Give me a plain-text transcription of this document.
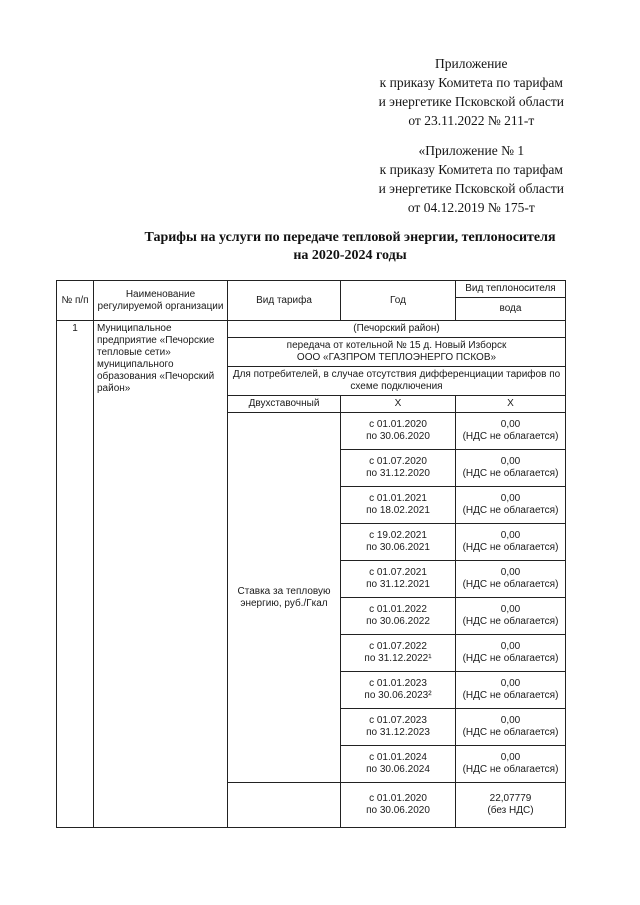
Приложение
к приказу Комитета по тарифам
и энергетике Псковской области
от 23.11.2022 № 211-т
«Приложение № 1
к приказу Комитета по тарифам
и энергетике Псковской области
от 04.12.2019 № 175-т
Тарифы на услуги по передаче тепловой энергии, теплоносителя
на 2020-2024 годы
№ п/п	Наименование регулируемой организации	Вид тарифа	Год	Вид теплоносителя
				вода
1	Муниципальное предприятие «Печорские тепловые сети» муниципального образования «Печорский район»	(Печорский район)		

		передача от котельной № 15 д. Новый Изборск
ООО «ГАЗПРОМ ТЕПЛОЭНЕРГО ПСКОВ»		

		Для потребителей, в случае отсутствия дифференциации тарифов по схеме подключения		
		Двухставочный	Х	Х
		Ставка за тепловую энергию, руб./Гкал	с 01.01.2020
по 30.06.2020	0,00
(НДС не облагается)

			с 01.07.2020
по 31.12.2020	0,00
(НДС не облагается)

			с 01.01.2021
по 18.02.2021	0,00
(НДС не облагается)

			с 19.02.2021
по 30.06.2021	0,00
(НДС не облагается)

			с 01.07.2021
по 31.12.2021	0,00
(НДС не облагается)

			с 01.01.2022
по 30.06.2022	0,00
(НДС не облагается)

			с 01.07.2022
по 31.12.2022¹	0,00
(НДС не облагается)

			с 01.01.2023
по 30.06.2023²	0,00
(НДС не облагается)

			с 01.07.2023
по 31.12.2023	0,00
(НДС не облагается)

			с 01.01.2024
по 30.06.2024	0,00
(НДС не облагается)

			с 01.01.2020
по 30.06.2020	22,07779
(без НДС)
